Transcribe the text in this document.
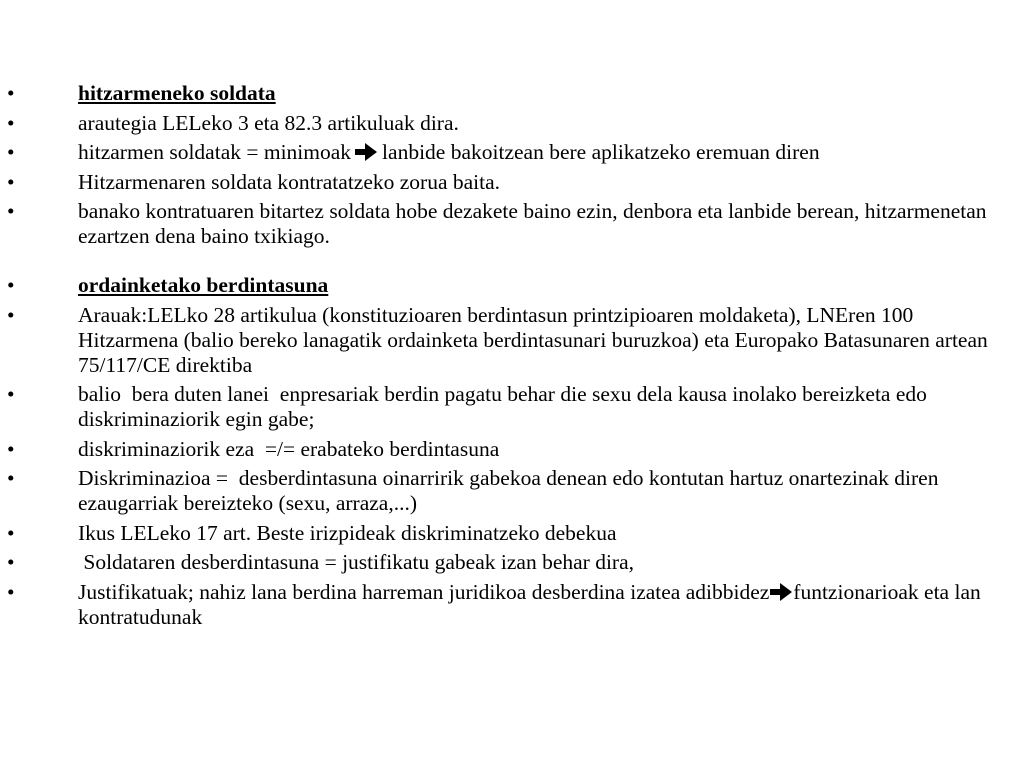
•	hitzarmeneko soldata
•	arautegia LELeko 3 eta 82.3 artikuluak dira.
•	hitzarmen soldatak = minimoak lanbide bakoitzean bere aplikatzeko eremuan diren
•	Hitzarmenaren soldata kontratatzeko zorua baita.
•	banako kontratuaren bitartez soldata hobe dezakete baino ezin, denbora eta lanbide berean, hitzarmenetan ezartzen dena baino txikiago.
•	ordainketako berdintasuna
•	Arauak:LELko 28 artikulua (konstituzioaren berdintasun printzipioaren moldaketa), LNEren 100 Hitzarmena (balio bereko lanagatik ordainketa berdintasunari buruzkoa) eta Europako Batasunaren artean 75/117/CE direktiba
•	balio  bera duten lanei  enpresariak berdin pagatu behar die sexu dela kausa inolako bereizketa edo diskriminaziorik egin gabe;
•	diskriminaziorik eza  =/= erabateko berdintasuna
•	Diskriminazioa =  desberdintasuna oinarririk gabekoa denean edo kontutan hartuz onartezinak diren ezaugarriak bereizteko (sexu, arraza,...)
•	Ikus LELeko 17 art. Beste irizpideak diskriminatzeko debekua
•	Soldataren desberdintasuna = justifikatu gabeak izan behar dira,
•	Justifikatuak; nahiz lana berdina harreman juridikoa desberdina izatea adibbidez funtzionarioak eta lan kontratudunak
